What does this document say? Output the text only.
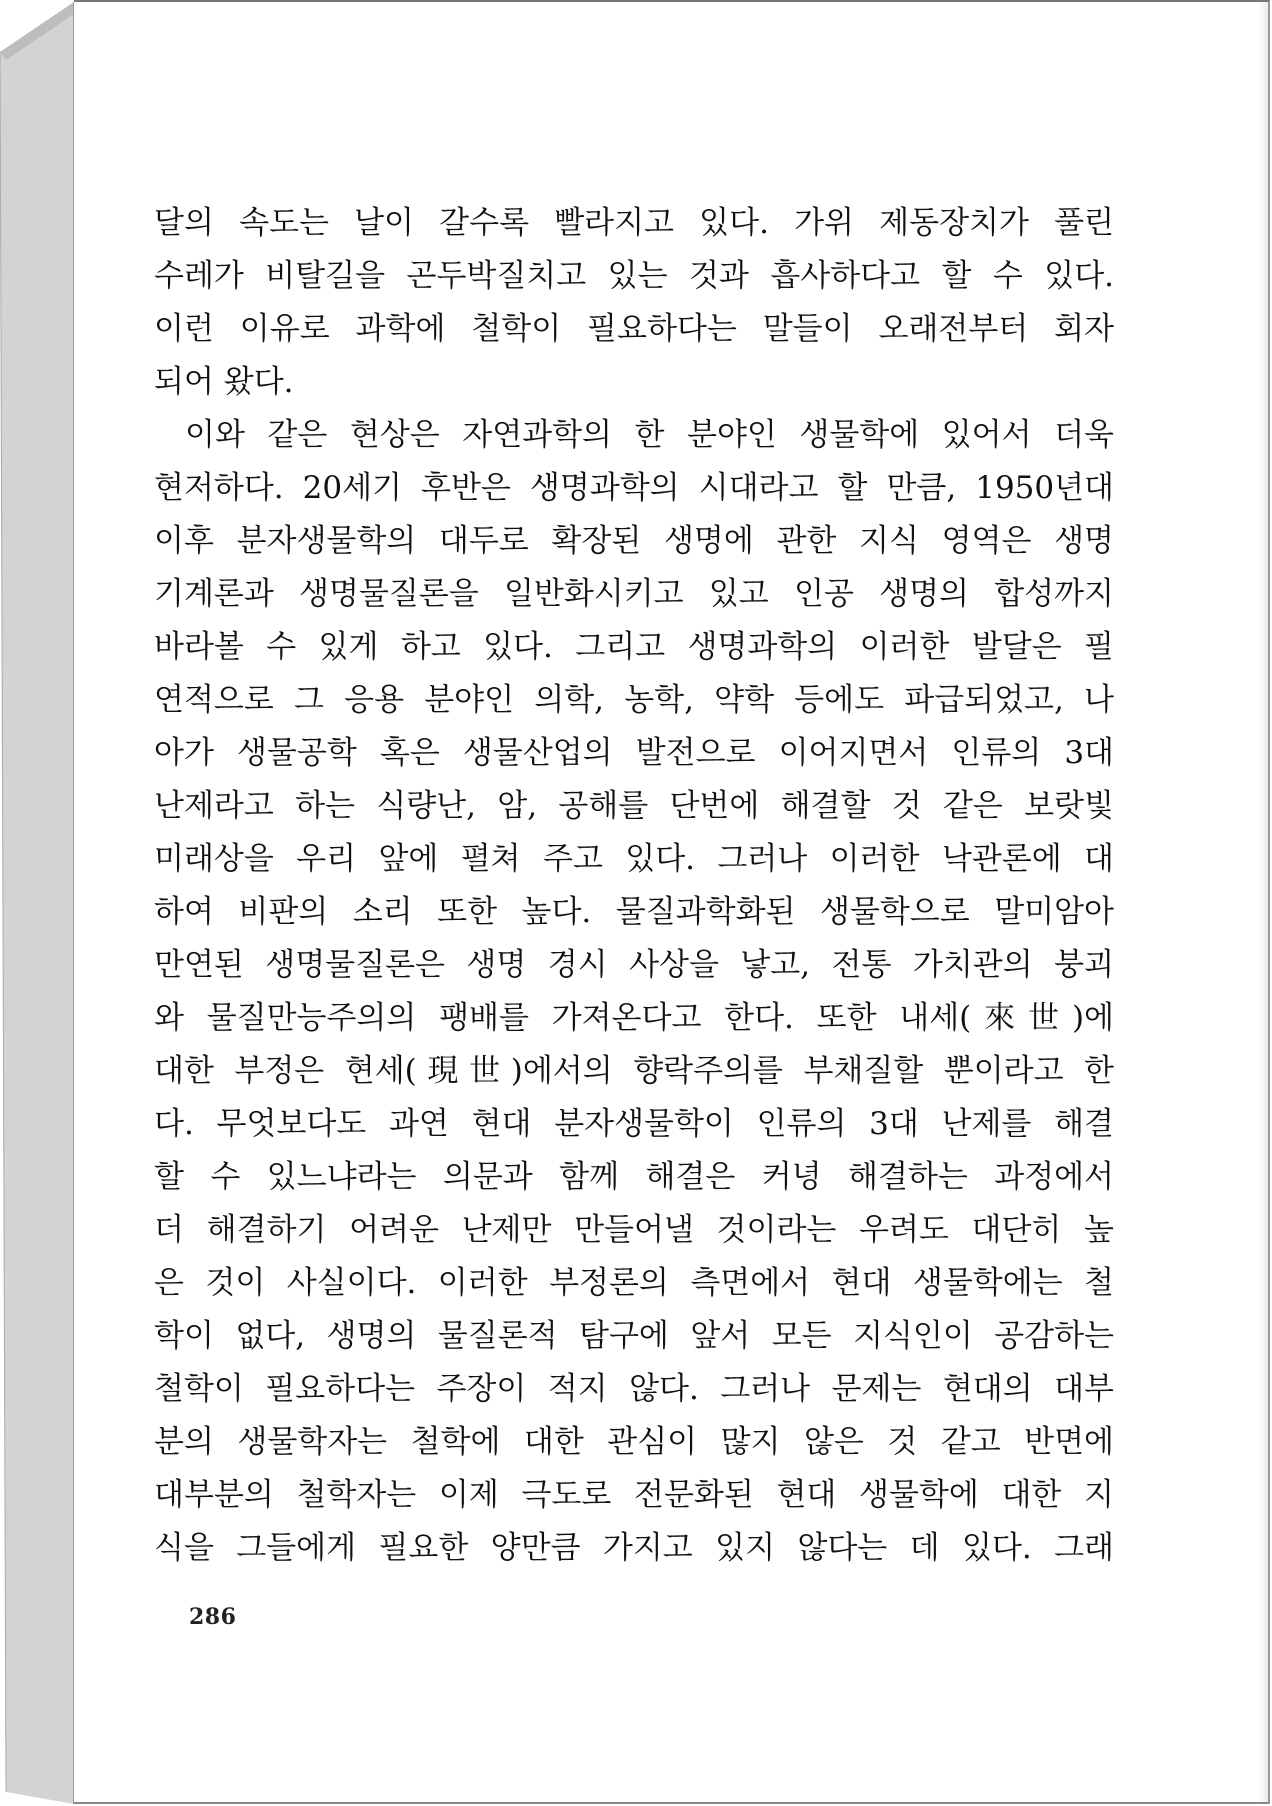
달의 속도는 날이 갈수록 빨라지고 있다. 가위 제동장치가 풀린
수레가 비탈길을 곤두박질치고 있는 것과 흡사하다고 할 수 있다.
이런 이유로 과학에 철학이 필요하다는 말들이 오래전부터 회자
되어 왔다.
이와 같은 현상은 자연과학의 한 분야인 생물학에 있어서 더욱
현저하다. 20세기 후반은 생명과학의 시대라고 할 만큼, 1950년대
이후 분자생물학의 대두로 확장된 생명에 관한 지식 영역은 생명
기계론과 생명물질론을 일반화시키고 있고 인공 생명의 합성까지
바라볼 수 있게 하고 있다. 그리고 생명과학의 이러한 발달은 필
연적으로 그 응용 분야인 의학, 농학, 약학 등에도 파급되었고, 나
아가 생물공학 혹은 생물산업의 발전으로 이어지면서 인류의 3대
난제라고 하는 식량난, 암, 공해를 단번에 해결할 것 같은 보랏빛
미래상을 우리 앞에 펼쳐 주고 있다. 그러나 이러한 낙관론에 대
하여 비판의 소리 또한 높다. 물질과학화된 생물학으로 말미암아
만연된 생명물질론은 생명 경시 사상을 낳고, 전통 가치관의 붕괴
와 물질만능주의의 팽배를 가져온다고 한다. 또한 내세(來世)에
대한 부정은 현세(現世)에서의 향락주의를 부채질할 뿐이라고 한
다. 무엇보다도 과연 현대 분자생물학이 인류의 3대 난제를 해결
할 수 있느냐라는 의문과 함께 해결은 커녕 해결하는 과정에서
더 해결하기 어려운 난제만 만들어낼 것이라는 우려도 대단히 높
은 것이 사실이다. 이러한 부정론의 측면에서 현대 생물학에는 철
학이 없다, 생명의 물질론적 탐구에 앞서 모든 지식인이 공감하는
철학이 필요하다는 주장이 적지 않다. 그러나 문제는 현대의 대부
분의 생물학자는 철학에 대한 관심이 많지 않은 것 같고 반면에
대부분의 철학자는 이제 극도로 전문화된 현대 생물학에 대한 지
식을 그들에게 필요한 양만큼 가지고 있지 않다는 데 있다. 그래
286
